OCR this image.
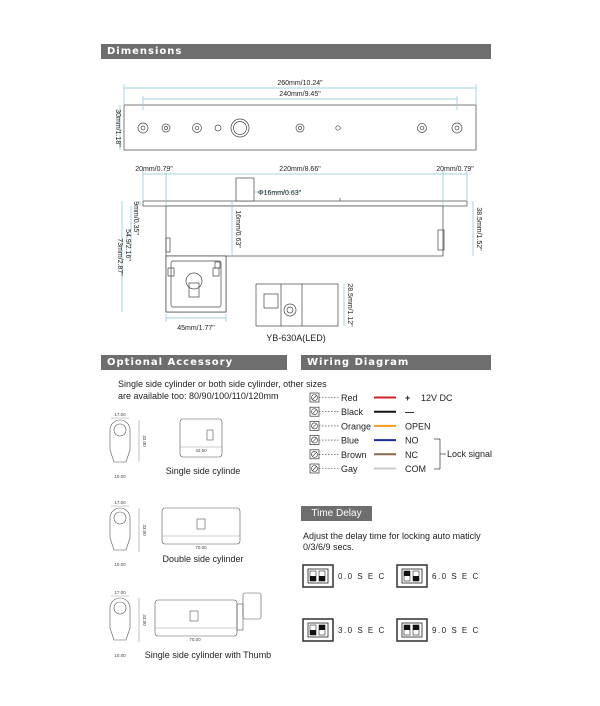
Dimensions
Optional Accessory	Wiring Diagram
260mm/10.24"
240mm/9.45"
30mm/1.18"
20mm/0.79"	220mm/8.66"	20mm/0.79"
Φ16mm/0.63"
16mm/0.63"
9mm/0.35"
54.9/2.16"
73mm/2.87"
38.5mm/1.52"
45mm/1.77"
28.5mm/1.12"
YB-630A(LED)
Single side cylinder or both side cylinder, other sizes
are available too: 80/90/100/110/120mm
17.00
10.00
33.00
42.50
Single side cylinde
17.00
10.00
33.00
70.00
Double side cylinder
17.00
10.00
33.00
70.00
Single side cylinder with Thumb
Red	+ 12V DC
Black	—
Orange	OPEN
Blue	NO
Brown	NC
Gay	COM
Lock signal
Time Delay
Adjust the delay time for locking auto maticly
0/3/6/9 secs.
0.0 S E C	6.0 S E C
3.0 S E C	9.0 S E C
